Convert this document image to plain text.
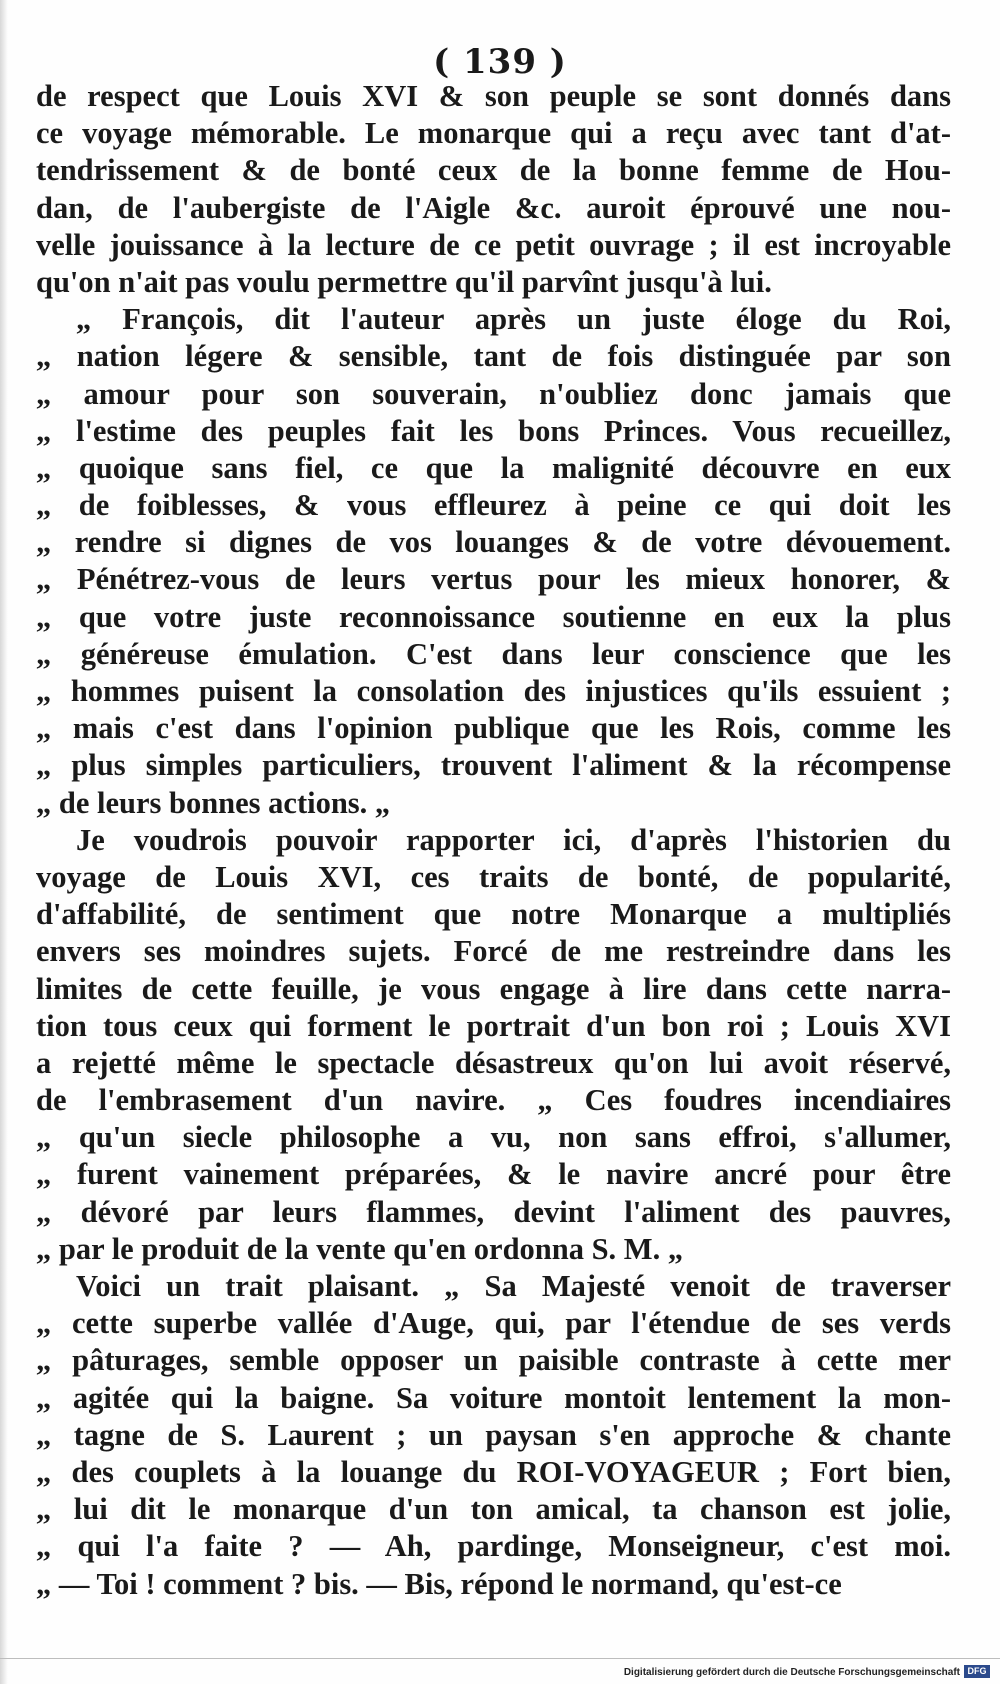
( 139 )
de respect que Louis XVI & son peuple se sont donnés dans
ce voyage mémorable. Le monarque qui a reçu avec tant d'at-
tendrissement & de bonté ceux de la bonne femme de Hou-
dan, de l'aubergiste de l'Aigle &c. auroit éprouvé une nou-
velle jouissance à la lecture de ce petit ouvrage ; il est incroyable
qu'on n'ait pas voulu permettre qu'il parvînt jusqu'à lui.
„ François, dit l'auteur après un juste éloge du Roi,
„ nation légere & sensible, tant de fois distinguée par son
„ amour pour son souverain, n'oubliez donc jamais que
„ l'estime des peuples fait les bons Princes. Vous recueillez,
„ quoique sans fiel, ce que la malignité découvre en eux
„ de foiblesses, & vous effleurez à peine ce qui doit les
„ rendre si dignes de vos louanges & de votre dévouement.
„ Pénétrez-vous de leurs vertus pour les mieux honorer, &
„ que votre juste reconnoissance soutienne en eux la plus
„ généreuse émulation. C'est dans leur conscience que les
„ hommes puisent la consolation des injustices qu'ils essuient ;
„ mais c'est dans l'opinion publique que les Rois, comme les
„ plus simples particuliers, trouvent l'aliment & la récompense
„ de leurs bonnes actions. „
Je voudrois pouvoir rapporter ici, d'après l'historien du
voyage de Louis XVI, ces traits de bonté, de popularité,
d'affabilité, de sentiment que notre Monarque a multipliés
envers ses moindres sujets. Forcé de me restreindre dans les
limites de cette feuille, je vous engage à lire dans cette narra-
tion tous ceux qui forment le portrait d'un bon roi ; Louis XVI
a rejetté même le spectacle désastreux qu'on lui avoit réservé,
de l'embrasement d'un navire. „ Ces foudres incendiaires
„ qu'un siecle philosophe a vu, non sans effroi, s'allumer,
„ furent vainement préparées, & le navire ancré pour être
„ dévoré par leurs flammes, devint l'aliment des pauvres,
„ par le produit de la vente qu'en ordonna S. M. „
Voici un trait plaisant. „ Sa Majesté venoit de traverser
„ cette superbe vallée d'Auge, qui, par l'étendue de ses verds
„ pâturages, semble opposer un paisible contraste à cette mer
„ agitée qui la baigne. Sa voiture montoit lentement la mon-
„ tagne de S. Laurent ; un paysan s'en approche & chante
„ des couplets à la louange du ROI-VOYAGEUR ; Fort bien,
„ lui dit le monarque d'un ton amical, ta chanson est jolie,
„ qui l'a faite ? — Ah, pardinge, Monseigneur, c'est moi.
„ — Toi ! comment ? bis. — Bis, répond le normand, qu'est-ce
Digitalisierung gefördert durch die Deutsche Forschungsgemeinschaft DFG
